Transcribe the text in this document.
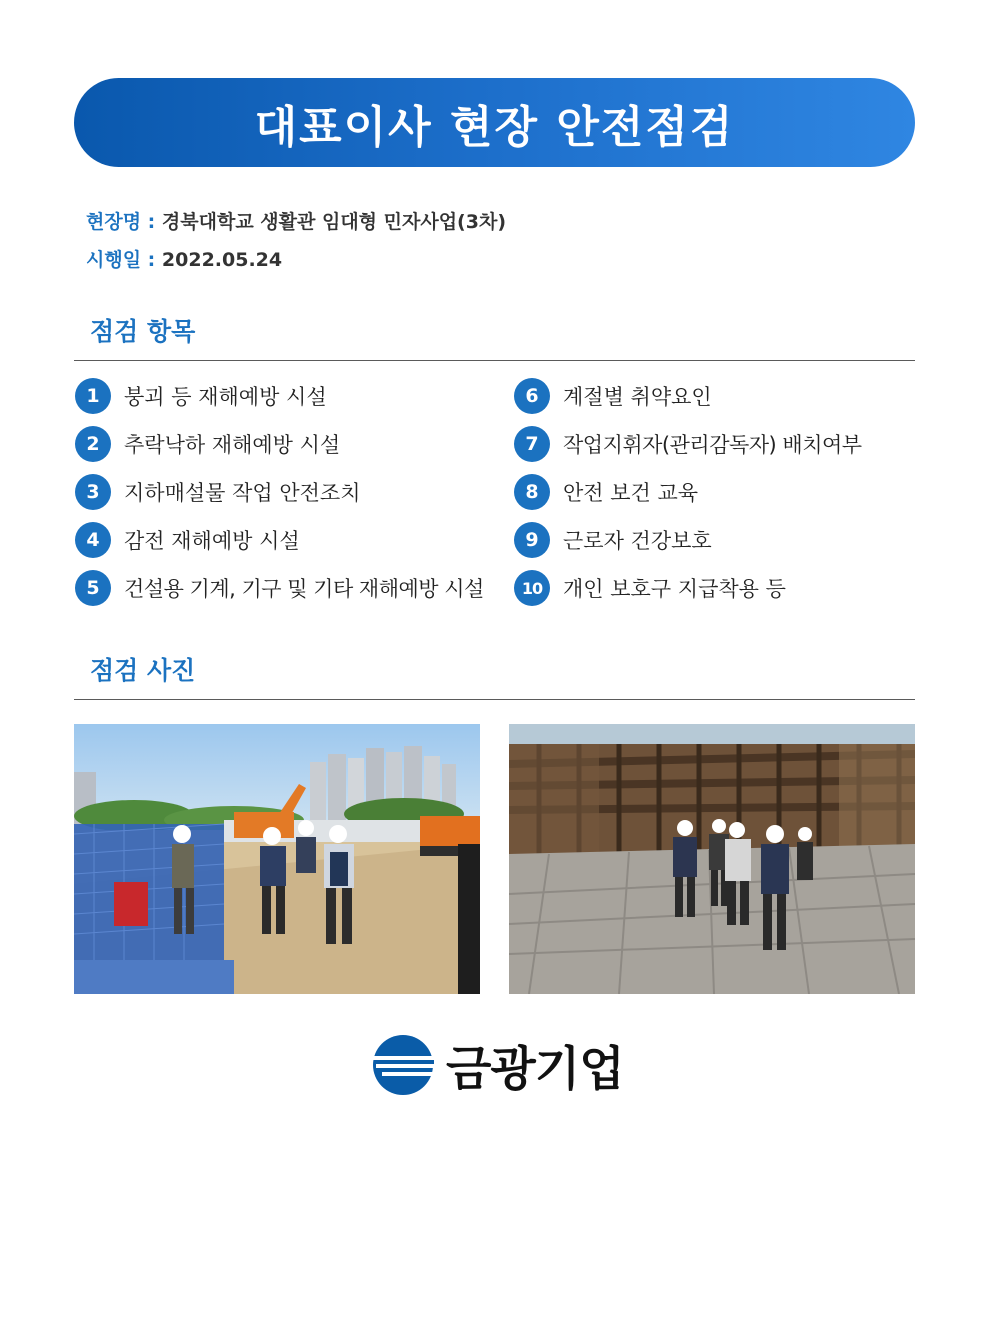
대표이사 현장 안전점검
현장명 : 경북대학교 생활관 임대형 민자사업(3차)
시행일 : 2022.05.24
점검 항목
1	붕괴 등 재해예방 시설
2	추락낙하 재해예방 시설
3	지하매설물 작업 안전조치
4	감전 재해예방 시설
5	건설용 기계, 기구 및 기타 재해예방 시설
6	계절별 취약요인
7	작업지휘자(관리감독자) 배치여부
8	안전 보건 교육
9	근로자 건강보호
10 개인 보호구 지급착용 등
점검 사진
금광기업
